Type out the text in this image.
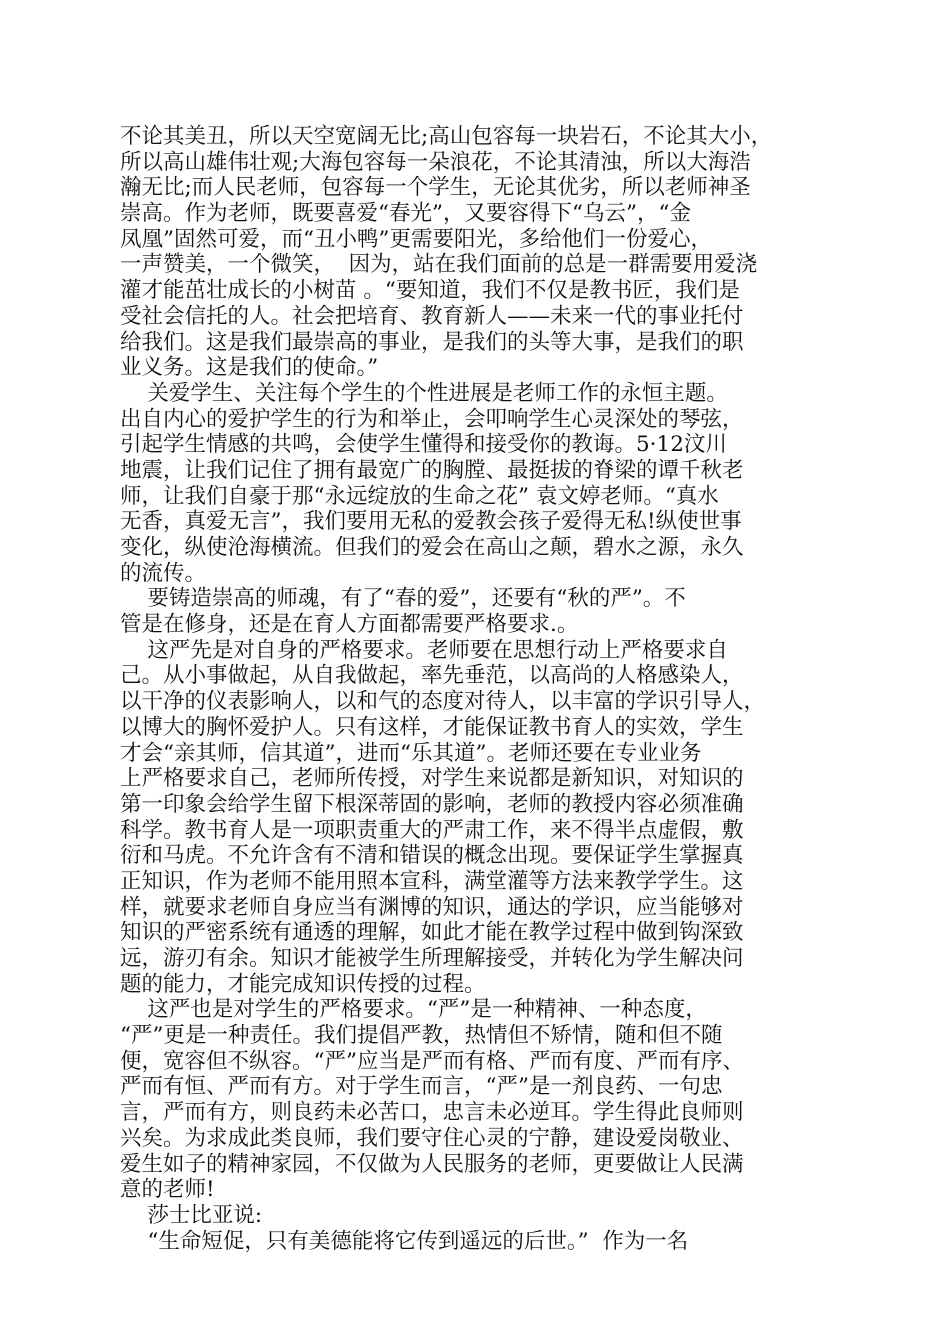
不论其美丑，所以天空宽阔无比;高山包容每一块岩石，不论其大小，
所以高山雄伟壮观;大海包容每一朵浪花，不论其清浊，所以大海浩
瀚无比;而人民老师，包容每一个学生，无论其优劣，所以老师神圣
崇高。作为老师，既要喜爱“春光”，又要容得下“乌云”，“金
凤凰”固然可爱，而“丑小鸭”更需要阳光，多给他们一份爱心，
一声赞美，一个微笑，  因为，站在我们面前的总是一群需要用爱浇
灌才能茁壮成长的小树苗 。“要知道，我们不仅是教书匠，我们是
受社会信托的人。社会把培育、教育新人——未来一代的事业托付
给我们。这是我们最崇高的事业，是我们的头等大事，是我们的职
业义务。这是我们的使命。”
关爱学生、关注每个学生的个性进展是老师工作的永恒主题。
出自内心的爱护学生的行为和举止，会叩响学生心灵深处的琴弦，
引起学生情感的共鸣，会使学生懂得和接受你的教诲。5·12汶川
地震，让我们记住了拥有最宽广的胸膛、最挺拔的脊梁的谭千秋老
师，让我们自豪于那“永远绽放的生命之花” 袁文婷老师。“真水
无香，真爱无言”，我们要用无私的爱教会孩子爱得无私!纵使世事
变化，纵使沧海横流。但我们的爱会在高山之颠，碧水之源，永久
的流传。
要铸造崇高的师魂，有了“春的爱”，还要有“秋的严”。不
管是在修身，还是在育人方面都需要严格要求.。
这严先是对自身的严格要求。老师要在思想行动上严格要求自
己。从小事做起，从自我做起，率先垂范，以高尚的人格感染人，
以干净的仪表影响人，以和气的态度对待人，以丰富的学识引导人，
以博大的胸怀爱护人。只有这样，才能保证教书育人的实效，学生
才会“亲其师，信其道”，进而“乐其道”。老师还要在专业业务
上严格要求自己，老师所传授，对学生来说都是新知识，对知识的
第一印象会给学生留下根深蒂固的影响，老师的教授内容必须准确
科学。教书育人是一项职责重大的严肃工作，来不得半点虚假，敷
衍和马虎。不允许含有不清和错误的概念出现。要保证学生掌握真
正知识，作为老师不能用照本宣科，满堂灌等方法来教学学生。这
样，就要求老师自身应当有渊博的知识，通达的学识，应当能够对
知识的严密系统有通透的理解，如此才能在教学过程中做到钩深致
远，游刃有余。知识才能被学生所理解接受，并转化为学生解决问
题的能力，才能完成知识传授的过程。
这严也是对学生的严格要求。“严”是一种精神、一种态度，
“严”更是一种责任。我们提倡严教，热情但不矫情，随和但不随
便，宽容但不纵容。“严”应当是严而有格、严而有度、严而有序、
严而有恒、严而有方。对于学生而言，“严”是一剂良药、一句忠
言，严而有方，则良药未必苦口，忠言未必逆耳。学生得此良师则
兴矣。为求成此类良师，我们要守住心灵的宁静，建设爱岗敬业、
爱生如子的精神家园，不仅做为人民服务的老师，更要做让人民满
意的老师!
莎士比亚说:
“生命短促，只有美德能将它传到遥远的后世。”  作为一名
